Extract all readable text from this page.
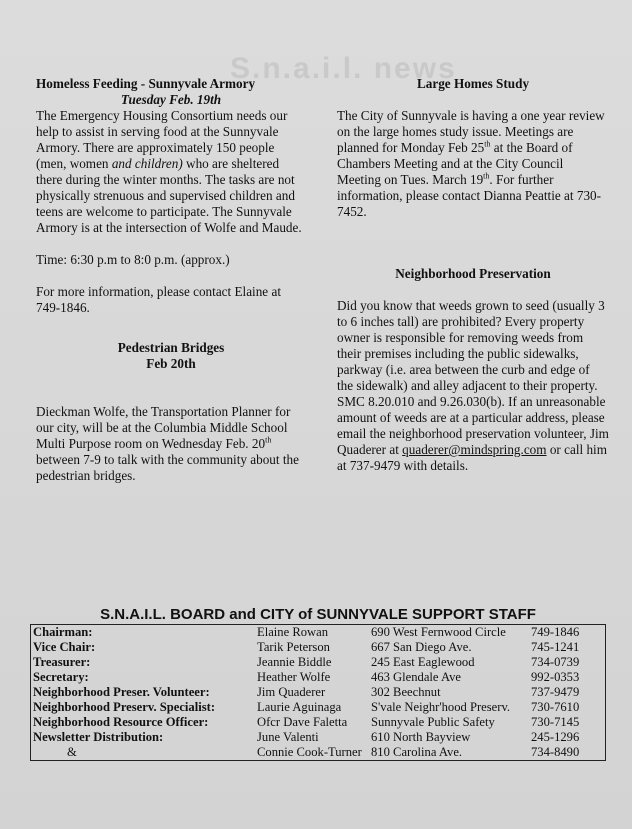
S.n.a.i.l. news
Homeless Feeding - Sunnyvale Armory
Tuesday Feb. 19th

The Emergency Housing Consortium needs our help to assist in serving food at the Sunnyvale Armory. There are approximately 150 people (men, women and children) who are sheltered there during the winter months. The tasks are not physically strenuous and supervised children and teens are welcome to participate. The Sunnyvale Armory is at the intersection of Wolfe and Maude.

Time: 6:30 p.m to 8:0 p.m. (approx.)

For more information, please contact Elaine at 749-1846.

Pedestrian Bridges
Feb 20th

Dieckman Wolfe, the Transportation Planner for our city, will be at the Columbia Middle School Multi Purpose room on Wednesday Feb. 20th between 7-9 to talk with the community about the pedestrian bridges.

Large Homes Study

The City of Sunnyvale is having a one year review on the large homes study issue. Meetings are planned for Monday Feb 25th at the Board of Chambers Meeting and at the City Council Meeting on Tues. March 19th. For further information, please contact Dianna Peattie at 730-7452.

Neighborhood Preservation

Did you know that weeds grown to seed (usually 3 to 6 inches tall) are prohibited? Every property owner is responsible for removing weeds from their premises including the public sidewalks, parkway (i.e. area between the curb and edge of the sidewalk) and alley adjacent to their property. SMC 8.20.010 and 9.26.030(b). If an unreasonable amount of weeds are at a particular address, please email the neighborhood preservation volunteer, Jim Quaderer at quaderer@mindspring.com or call him at 737-9479 with details.

S.N.A.I.L. BOARD and CITY of SUNNYVALE SUPPORT STAFF
Chairman:	Elaine Rowan	690 West Fernwood Circle	749-1846
Vice Chair:	Tarik Peterson	667 San Diego Ave.	745-1241
Treasurer:	Jeannie Biddle	245 East Eaglewood	734-0739
Secretary:	Heather Wolfe	463 Glendale Ave	992-0353
Neighborhood Preser. Volunteer:	Jim Quaderer	302 Beechnut	737-9479
Neighborhood Preserv. Specialist:	Laurie Aguinaga	S'vale Neighr'hood Preserv.	730-7610
Neighborhood Resource Officer:	Ofcr Dave Faletta	Sunnyvale Public Safety	730-7145
Newsletter Distribution:	June Valenti	610 North Bayview	245-1296
&	Connie Cook-Turner	810 Carolina Ave.	734-8490
